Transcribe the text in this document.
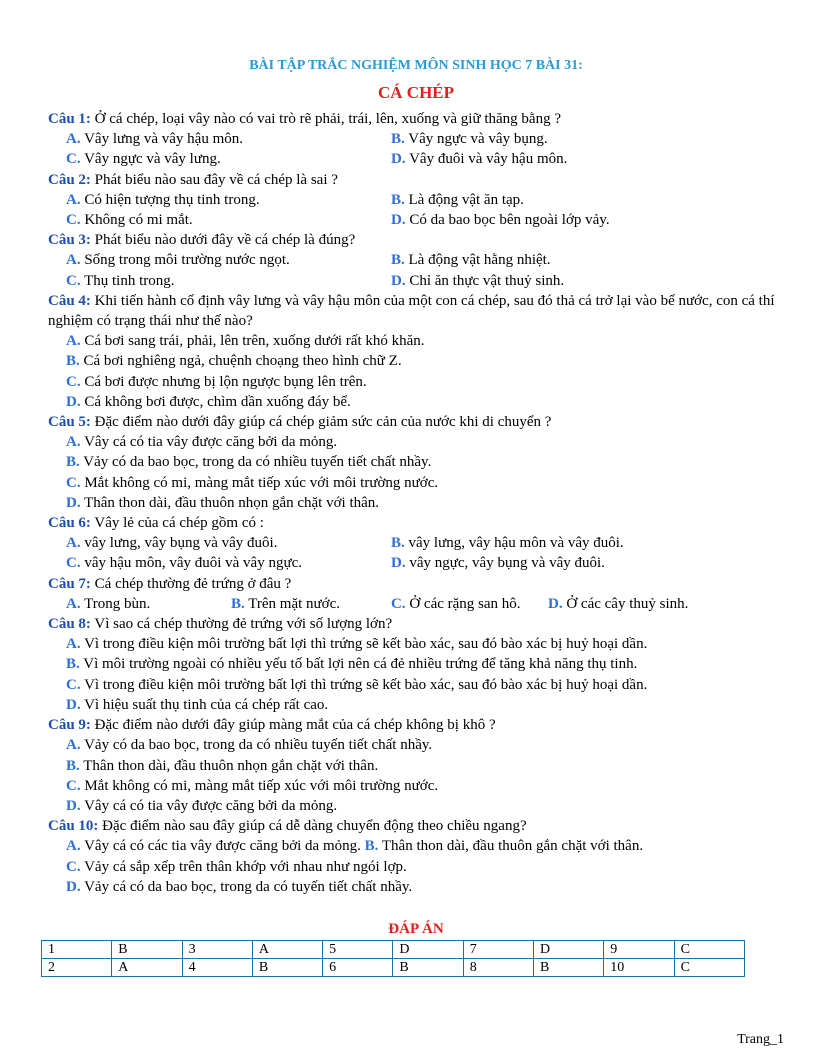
BÀI TẬP TRẮC NGHIỆM MÔN SINH HỌC 7 BÀI 31:
CÁ CHÉP
Câu 1: Ở cá chép, loại vây nào có vai trò rẽ phải, trái, lên, xuống và giữ thăng bằng ?
A. Vây lưng và vây hậu môn.	B. Vây ngực và vây bụng.
C. Vây ngực và vây lưng.	D. Vây đuôi và vây hậu môn.
Câu 2: Phát biểu nào sau đây về cá chép là sai ?
A. Có hiện tượng thụ tinh trong.	B. Là động vật ăn tạp.
C. Không có mi mắt.	D. Có da bao bọc bên ngoài lớp vảy.
Câu 3: Phát biểu nào dưới đây về cá chép là đúng?
A. Sống trong môi trường nước ngọt.	B. Là động vật hằng nhiệt.
C. Thụ tinh trong.	D. Chỉ ăn thực vật thuỷ sinh.
Câu 4: Khi tiến hành cố định vây lưng và vây hậu môn của một con cá chép, sau đó thả cá trở lại vào bể nước, con cá thí nghiệm có trạng thái như thế nào?
A. Cá bơi sang trái, phải, lên trên, xuống dưới rất khó khăn.
B. Cá bơi nghiêng ngả, chuệnh choạng theo hình chữ Z.
C. Cá bơi được nhưng bị lộn ngược bụng lên trên.
D. Cá không bơi được, chìm dần xuống đáy bể.
Câu 5: Đặc điểm nào dưới đây giúp cá chép giảm sức cản của nước khi di chuyển ?
A. Vây cá có tia vây được căng bởi da mỏng.
B. Vảy có da bao bọc, trong da có nhiều tuyến tiết chất nhầy.
C. Mắt không có mi, màng mắt tiếp xúc với môi trường nước.
D. Thân thon dài, đầu thuôn nhọn gắn chặt với thân.
Câu 6: Vây lẻ của cá chép gồm có :
A. vây lưng, vây bụng và vây đuôi.	B. vây lưng, vây hậu môn và vây đuôi.
C. vây hậu môn, vây đuôi và vây ngực.	D. vây ngực, vây bụng và vây đuôi.
Câu 7: Cá chép thường đẻ trứng ở đâu ?
A. Trong bùn.	B. Trên mặt nước.	C. Ở các rặng san hô.	D. Ở các cây thuỷ sinh.
Câu 8: Vì sao cá chép thường đẻ trứng với số lượng lớn?
A. Vì trong điều kiện môi trường bất lợi thì trứng sẽ kết bào xác, sau đó bào xác bị huỷ hoại dần.
B. Vì môi trường ngoài có nhiều yếu tố bất lợi nên cá đẻ nhiều trứng để tăng khả năng thụ tinh.
C. Vì trong điều kiện môi trường bất lợi thì trứng sẽ kết bào xác, sau đó bào xác bị huỷ hoại dần.
D. Vì hiệu suất thụ tinh của cá chép rất cao.
Câu 9: Đặc điểm nào dưới đây giúp màng mắt của cá chép không bị khô ?
A. Vảy có da bao bọc, trong da có nhiều tuyến tiết chất nhầy.
B. Thân thon dài, đầu thuôn nhọn gắn chặt với thân.
C. Mắt không có mi, màng mắt tiếp xúc với môi trường nước.
D. Vây cá có tia vây được căng bởi da mỏng.
Câu 10: Đặc điểm nào sau đây giúp cá dễ dàng chuyển động theo chiều ngang?
A. Vây cá có các tia vây được căng bởi da mỏng. B. Thân thon dài, đầu thuôn gắn chặt với thân.
C. Vảy cá sắp xếp trên thân khớp với nhau như ngói lợp.
D. Vảy cá có da bao bọc, trong da có tuyến tiết chất nhầy.
ĐÁP ÁN
1	B	3	A	5	D	7	D	9	C
2	A	4	B	6	B	8	B	10	C
Trang_1
